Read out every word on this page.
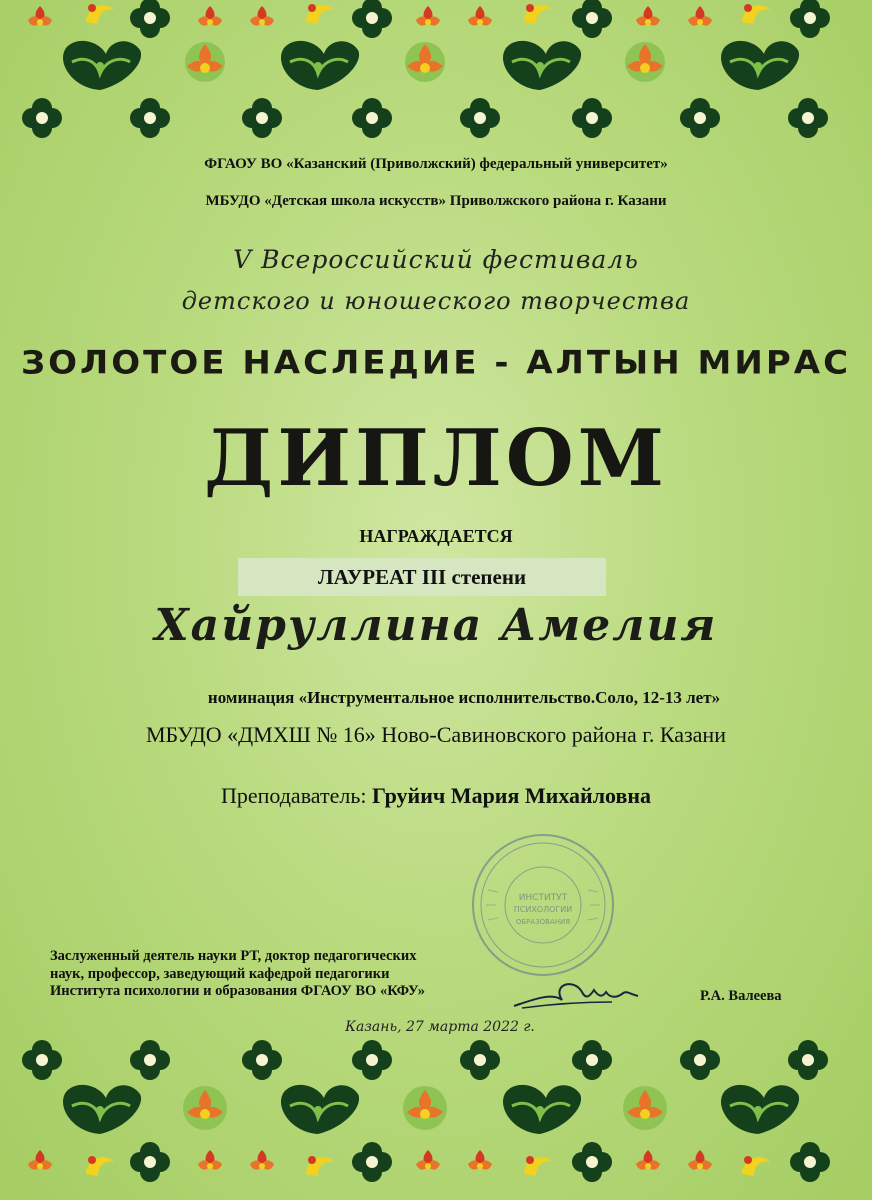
ФГАОУ ВО «Казанский (Приволжский) федеральный университет»
МБУДО «Детская школа искусств» Приволжского района г. Казани
V Всероссийский фестиваль
детского и юношеского творчества
ЗОЛОТОЕ НАСЛЕДИЕ - АЛТЫН МИРАС
ДИПЛОМ
НАГРАЖДАЕТСЯ
ЛАУРЕАТ III степени
Хайруллина Амелия
номинация «Инструментальное исполнительство.Соло, 12-13 лет»
МБУДО «ДМХШ № 16» Ново-Савиновского района г. Казани
Преподаватель: Груйич Мария Михайловна
ИНСТИТУТ
ПСИХОЛОГИИ
ОБРАЗОВАНИЯ
Заслуженный деятель науки РТ, доктор педагогических
наук, профессор, заведующий кафедрой педагогики
Института психологии и образования ФГАОУ ВО «КФУ»	Р.А. Валеева
Казань, 27 марта 2022 г.
